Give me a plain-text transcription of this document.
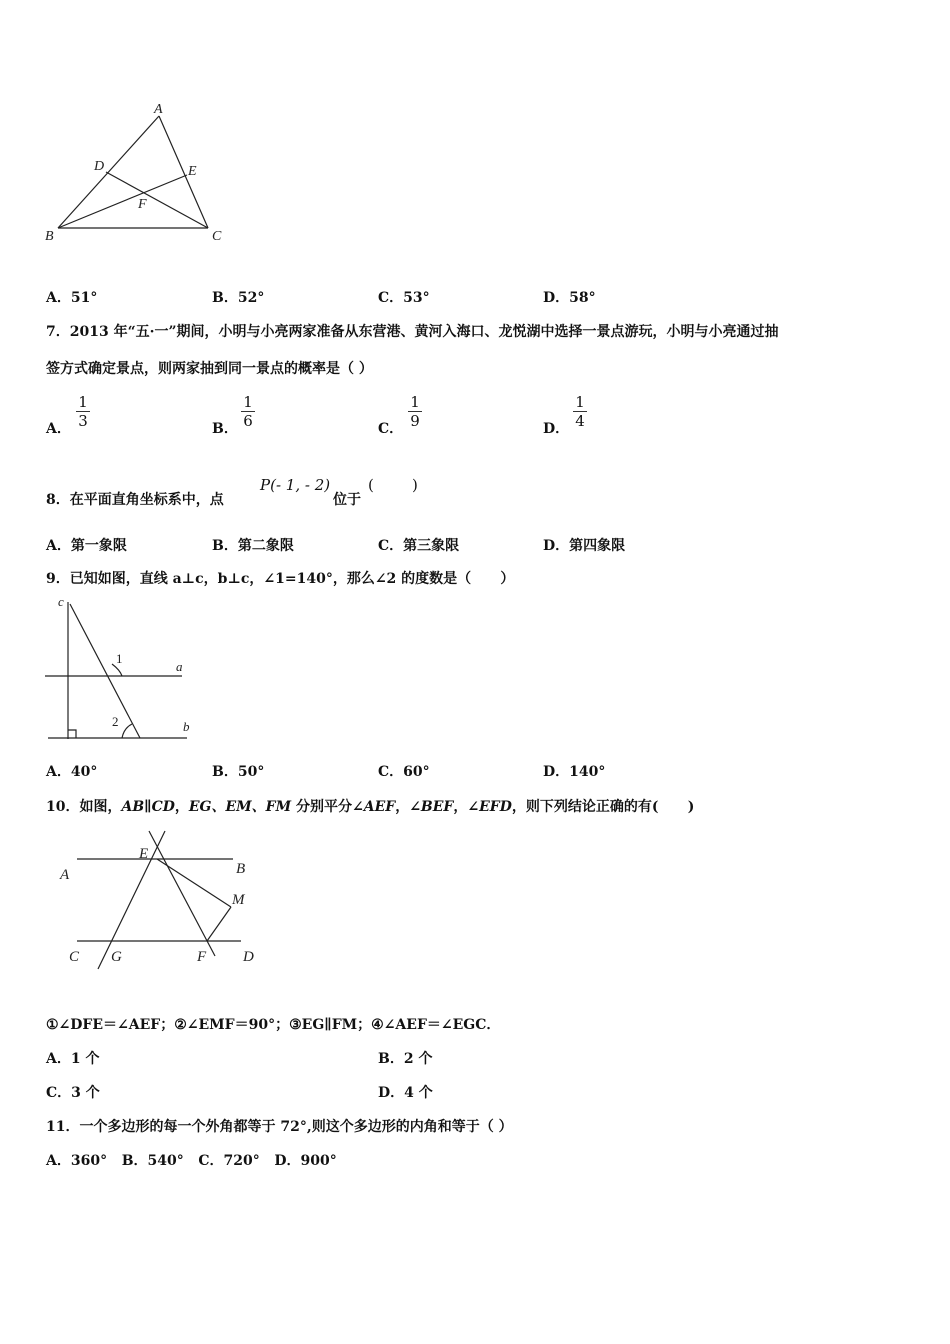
A
D	E
F
B	C
A．51°	B．52°	C．53°	D．58°
7．2013 年“五·一”期间，小明与小亮两家准备从东营港、黄河入海口、龙悦湖中选择一景点游玩，小明与小亮通过抽
签方式确定景点，则两家抽到同一景点的概率是（ ）
A．
1
3	B．
1
6	C．
1
9	D．
1
4
8．在平面直角坐标系中，点
P(- 1, - 2)
位于
(        )
A．第一象限	B．第二象限	C．第三象限	D．第四象限
9．已知如图，直线 a⊥c，b⊥c，∠1=140°，那么∠2 的度数是（      ）
c
1
a
2	b
A．40°	B．50°	C．60°	D．140°
10．如图，AB∥CD，EG、EM、FM 分别平分∠AEF，∠BEF，∠EFD，则下列结论正确的有(      )
E
B
A
M
C G	F D
①∠DFE＝∠AEF；②∠EMF＝90°；③EG∥FM；④∠AEF＝∠EGC．
A．1 个	B．2 个
C．3 个	D．4 个
11．一个多边形的每一个外角都等于 72°,则这个多边形的内角和等于（ ）
A．360°   B．540°   C．720°   D．900°
